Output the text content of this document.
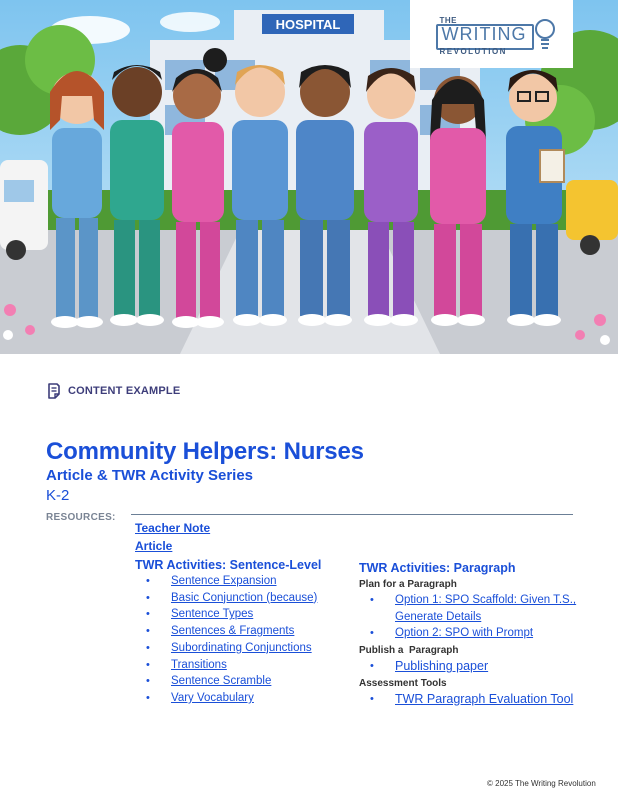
HOSPITAL	THE
WRITING
REVOLUTION
CONTENT EXAMPLE
Community Helpers: Nurses
Article & TWR Activity Series
K-2
RESOURCES:
Teacher Note
Article
TWR Activities: Sentence-Level
• Sentence Expansion
• Basic Conjunction (because)
• Sentence Types
• Sentences & Fragments
• Subordinating Conjunctions
• Transitions
• Sentence Scramble
• Vary Vocabulary
TWR Activities: Paragraph
Plan for a Paragraph
• Option 1: SPO Scaffold: Given T.S.,
Generate Details
• Option 2: SPO with Prompt
Publish a  Paragraph
• Publishing paper
Assessment Tools
• TWR Paragraph Evaluation Tool
© 2025 The Writing Revolution
